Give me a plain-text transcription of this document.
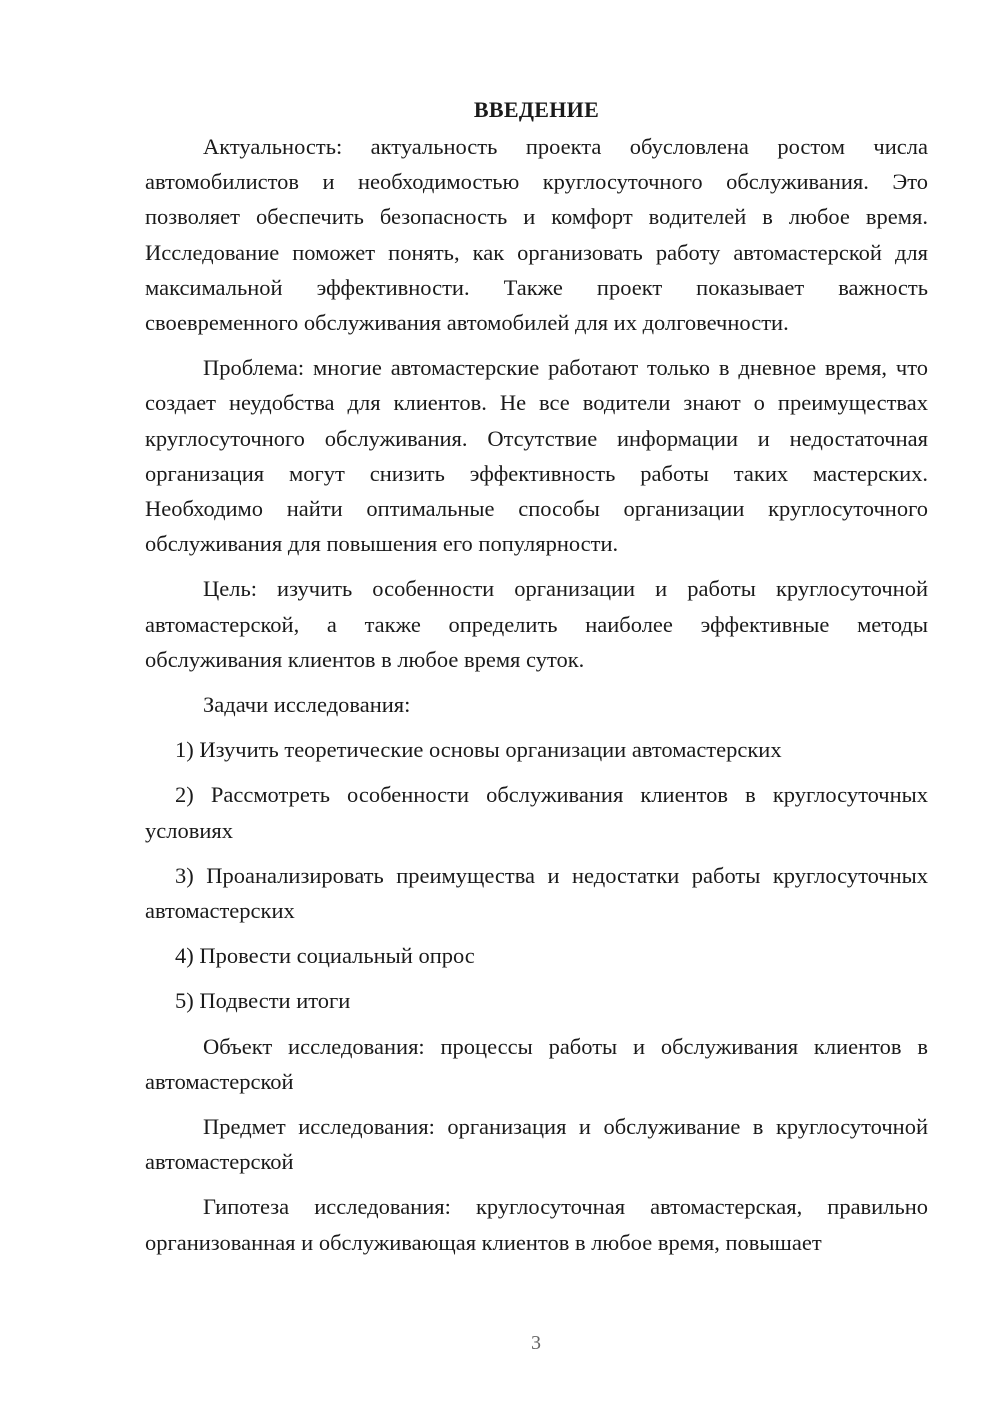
ВВЕДЕНИЕ

Актуальность: актуальность проекта обусловлена ростом числа автомобилистов и необходимостью круглосуточного обслуживания. Это позволяет обеспечить безопасность и комфорт водителей в любое время. Исследование поможет понять, как организовать работу автомастерской для максимальной эффективности. Также проект показывает важность своевременного обслуживания автомобилей для их долговечности.

Проблема: многие автомастерские работают только в дневное время, что создает неудобства для клиентов. Не все водители знают о преимуществах круглосуточного обслуживания. Отсутствие информации и недостаточная организация могут снизить эффективность работы таких мастерских. Необходимо найти оптимальные способы организации круглосуточного обслуживания для повышения его популярности.

Цель: изучить особенности организации и работы круглосуточной автомастерской, а также определить наиболее эффективные методы обслуживания клиентов в любое время суток.

Задачи исследования:

1) Изучить теоретические основы организации автомастерских

2) Рассмотреть особенности обслуживания клиентов в круглосуточных условиях

3) Проанализировать преимущества и недостатки работы круглосуточных автомастерских

4) Провести социальный опрос

5) Подвести итоги

Объект исследования: процессы работы и обслуживания клиентов в автомастерской

Предмет исследования: организация и обслуживание в круглосуточной автомастерской

Гипотеза исследования: круглосуточная автомастерская, правильно организованная и обслуживающая клиентов в любое время, повышает

3
